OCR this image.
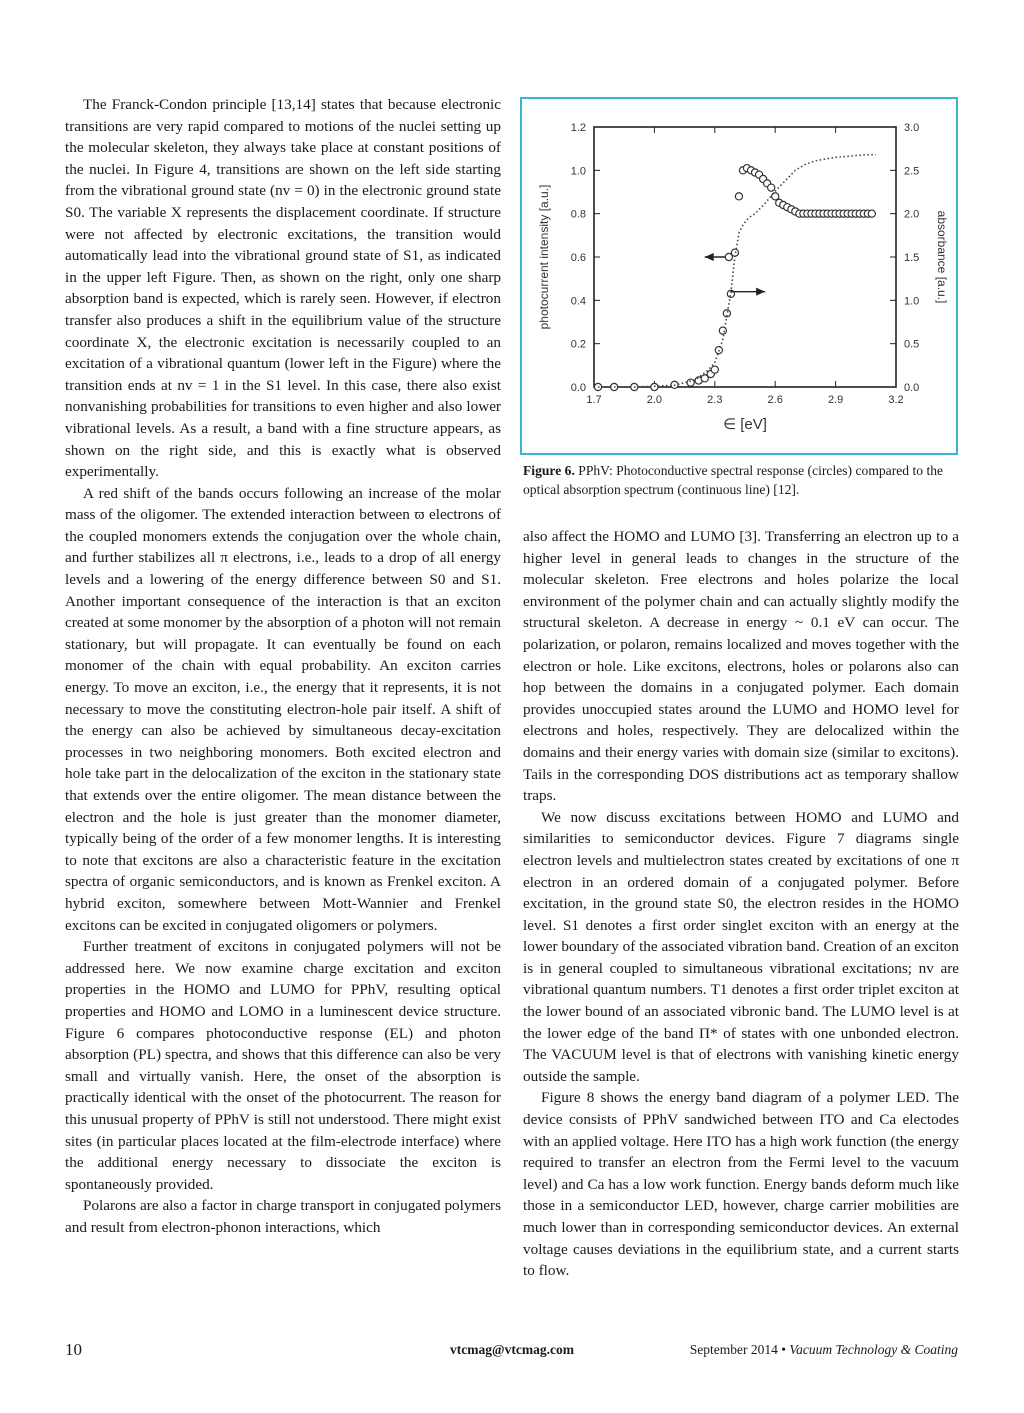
The Franck-Condon principle [13,14] states that because electronic transitions are very rapid compared to motions of the nuclei setting up the molecular skeleton, they always take place at constant positions of the nuclei. In Figure 4, transitions are shown on the left side starting from the vibrational ground state (nv = 0) in the electronic ground state S0. The variable X represents the displacement coordinate. If structure were not affected by electronic excitations, the transition would automatically lead into the vibrational ground state of S1, as indicated in the upper left Figure. Then, as shown on the right, only one sharp absorption band is expected, which is rarely seen. However, if electron transfer also produces a shift in the equilibrium value of the structure coordinate X, the electronic excitation is necessarily coupled to an excitation of a vibrational quantum (lower left in the Figure) where the transition ends at nv = 1 in the S1 level. In this case, there also exist nonvanishing probabilities for transitions to even higher and also lower vibrational levels. As a result, a band with a fine structure appears, as shown on the right side, and this is exactly what is observed experimentally.

A red shift of the bands occurs following an increase of the molar mass of the oligomer. The extended interaction between ϖ electrons of the coupled monomers extends the conjugation over the whole chain, and further stabilizes all π electrons, i.e., leads to a drop of all energy levels and a lowering of the energy difference between S0 and S1. Another important consequence of the interaction is that an exciton created at some monomer by the absorption of a photon will not remain stationary, but will propagate. It can eventually be found on each monomer of the chain with equal probability. An exciton carries energy. To move an exciton, i.e., the energy that it represents, it is not necessary to move the constituting electron-hole pair itself. A shift of the energy can also be achieved by simultaneous decay-excitation processes in two neighboring monomers. Both excited electron and hole take part in the delocalization of the exciton in the stationary state that extends over the entire oligomer. The mean distance between the electron and the hole is just greater than the monomer diameter, typically being of the order of a few monomer lengths. It is interesting to note that excitons are also a characteristic feature in the excitation spectra of organic semiconductors, and is known as Frenkel exciton. A hybrid exciton, somewhere between Mott-Wannier and Frenkel excitons can be excited in conjugated oligomers or polymers.

Further treatment of excitons in conjugated polymers will not be addressed here. We now examine charge excitation and exciton properties in the HOMO and LUMO for PPhV, resulting optical properties and HOMO and LOMO in a luminescent device structure. Figure 6 compares photoconductive response (EL) and photon absorption (PL) spectra, and shows that this difference can also be very small and virtually vanish. Here, the onset of the absorption is practically identical with the onset of the photocurrent. The reason for this unusual property of PPhV is still not understood. There might exist sites (in particular places located at the film-electrode interface) where the additional energy necessary to dissociate the exciton is spontaneously provided.

Polarons are also a factor in charge transport in conjugated polymers and result from electron-phonon interactions, which

1.7	2.0	2.3	2.6	2.9	3.2
0.0
0.2
0.4
0.6
0.8
1.0
1.2
0.0
0.5
1.0
1.5
2.0
2.5
3.0
photocurrent intensity [a.u.]	absorbance [a.u.]
∈ [eV]
Figure 6. PPhV: Photoconductive spectral response (circles) compared to the optical absorption spectrum (continuous line) [12].

also affect the HOMO and LUMO [3]. Transferring an electron up to a higher level in general leads to changes in the structure of the molecular skeleton. Free electrons and holes polarize the local environment of the polymer chain and can actually slightly modify the structural skeleton. A decrease in energy ~ 0.1 eV can occur. The polarization, or polaron, remains localized and moves together with the electron or hole. Like excitons, electrons, holes or polarons also can hop between the domains in a conjugated polymer. Each domain provides unoccupied states around the LUMO and HOMO level for electrons and holes, respectively. They are delocalized within the domains and their energy varies with domain size (similar to excitons). Tails in the corresponding DOS distributions act as temporary shallow traps.

We now discuss excitations between HOMO and LUMO and similarities to semiconductor devices. Figure 7 diagrams single electron levels and multielectron states created by excitations of one π electron in an ordered domain of a conjugated polymer. Before excitation, in the ground state S0, the electron resides in the HOMO level. S1 denotes a first order singlet exciton with an energy at the lower boundary of the associated vibration band. Creation of an exciton is in general coupled to simultaneous vibrational excitations; nv are vibrational quantum numbers. T1 denotes a first order triplet exciton at the lower bound of an associated vibronic band. The LUMO level is at the lower edge of the band Π* of states with one unbonded electron. The VACUUM level is that of electrons with vanishing kinetic energy outside the sample.

Figure 8 shows the energy band diagram of a polymer LED. The device consists of PPhV sandwiched between ITO and Ca electodes with an applied voltage. Here ITO has a high work function (the energy required to transfer an electron from the Fermi level to the vacuum level) and Ca has a low work function. Energy bands deform much like those in a semiconductor LED, however, charge carrier mobilities are much lower than in corresponding semiconductor devices. An external voltage causes deviations in the equilibrium state, and a current starts to flow.

10	vtcmag@vtcmag.com	September 2014 • Vacuum Technology & Coating
